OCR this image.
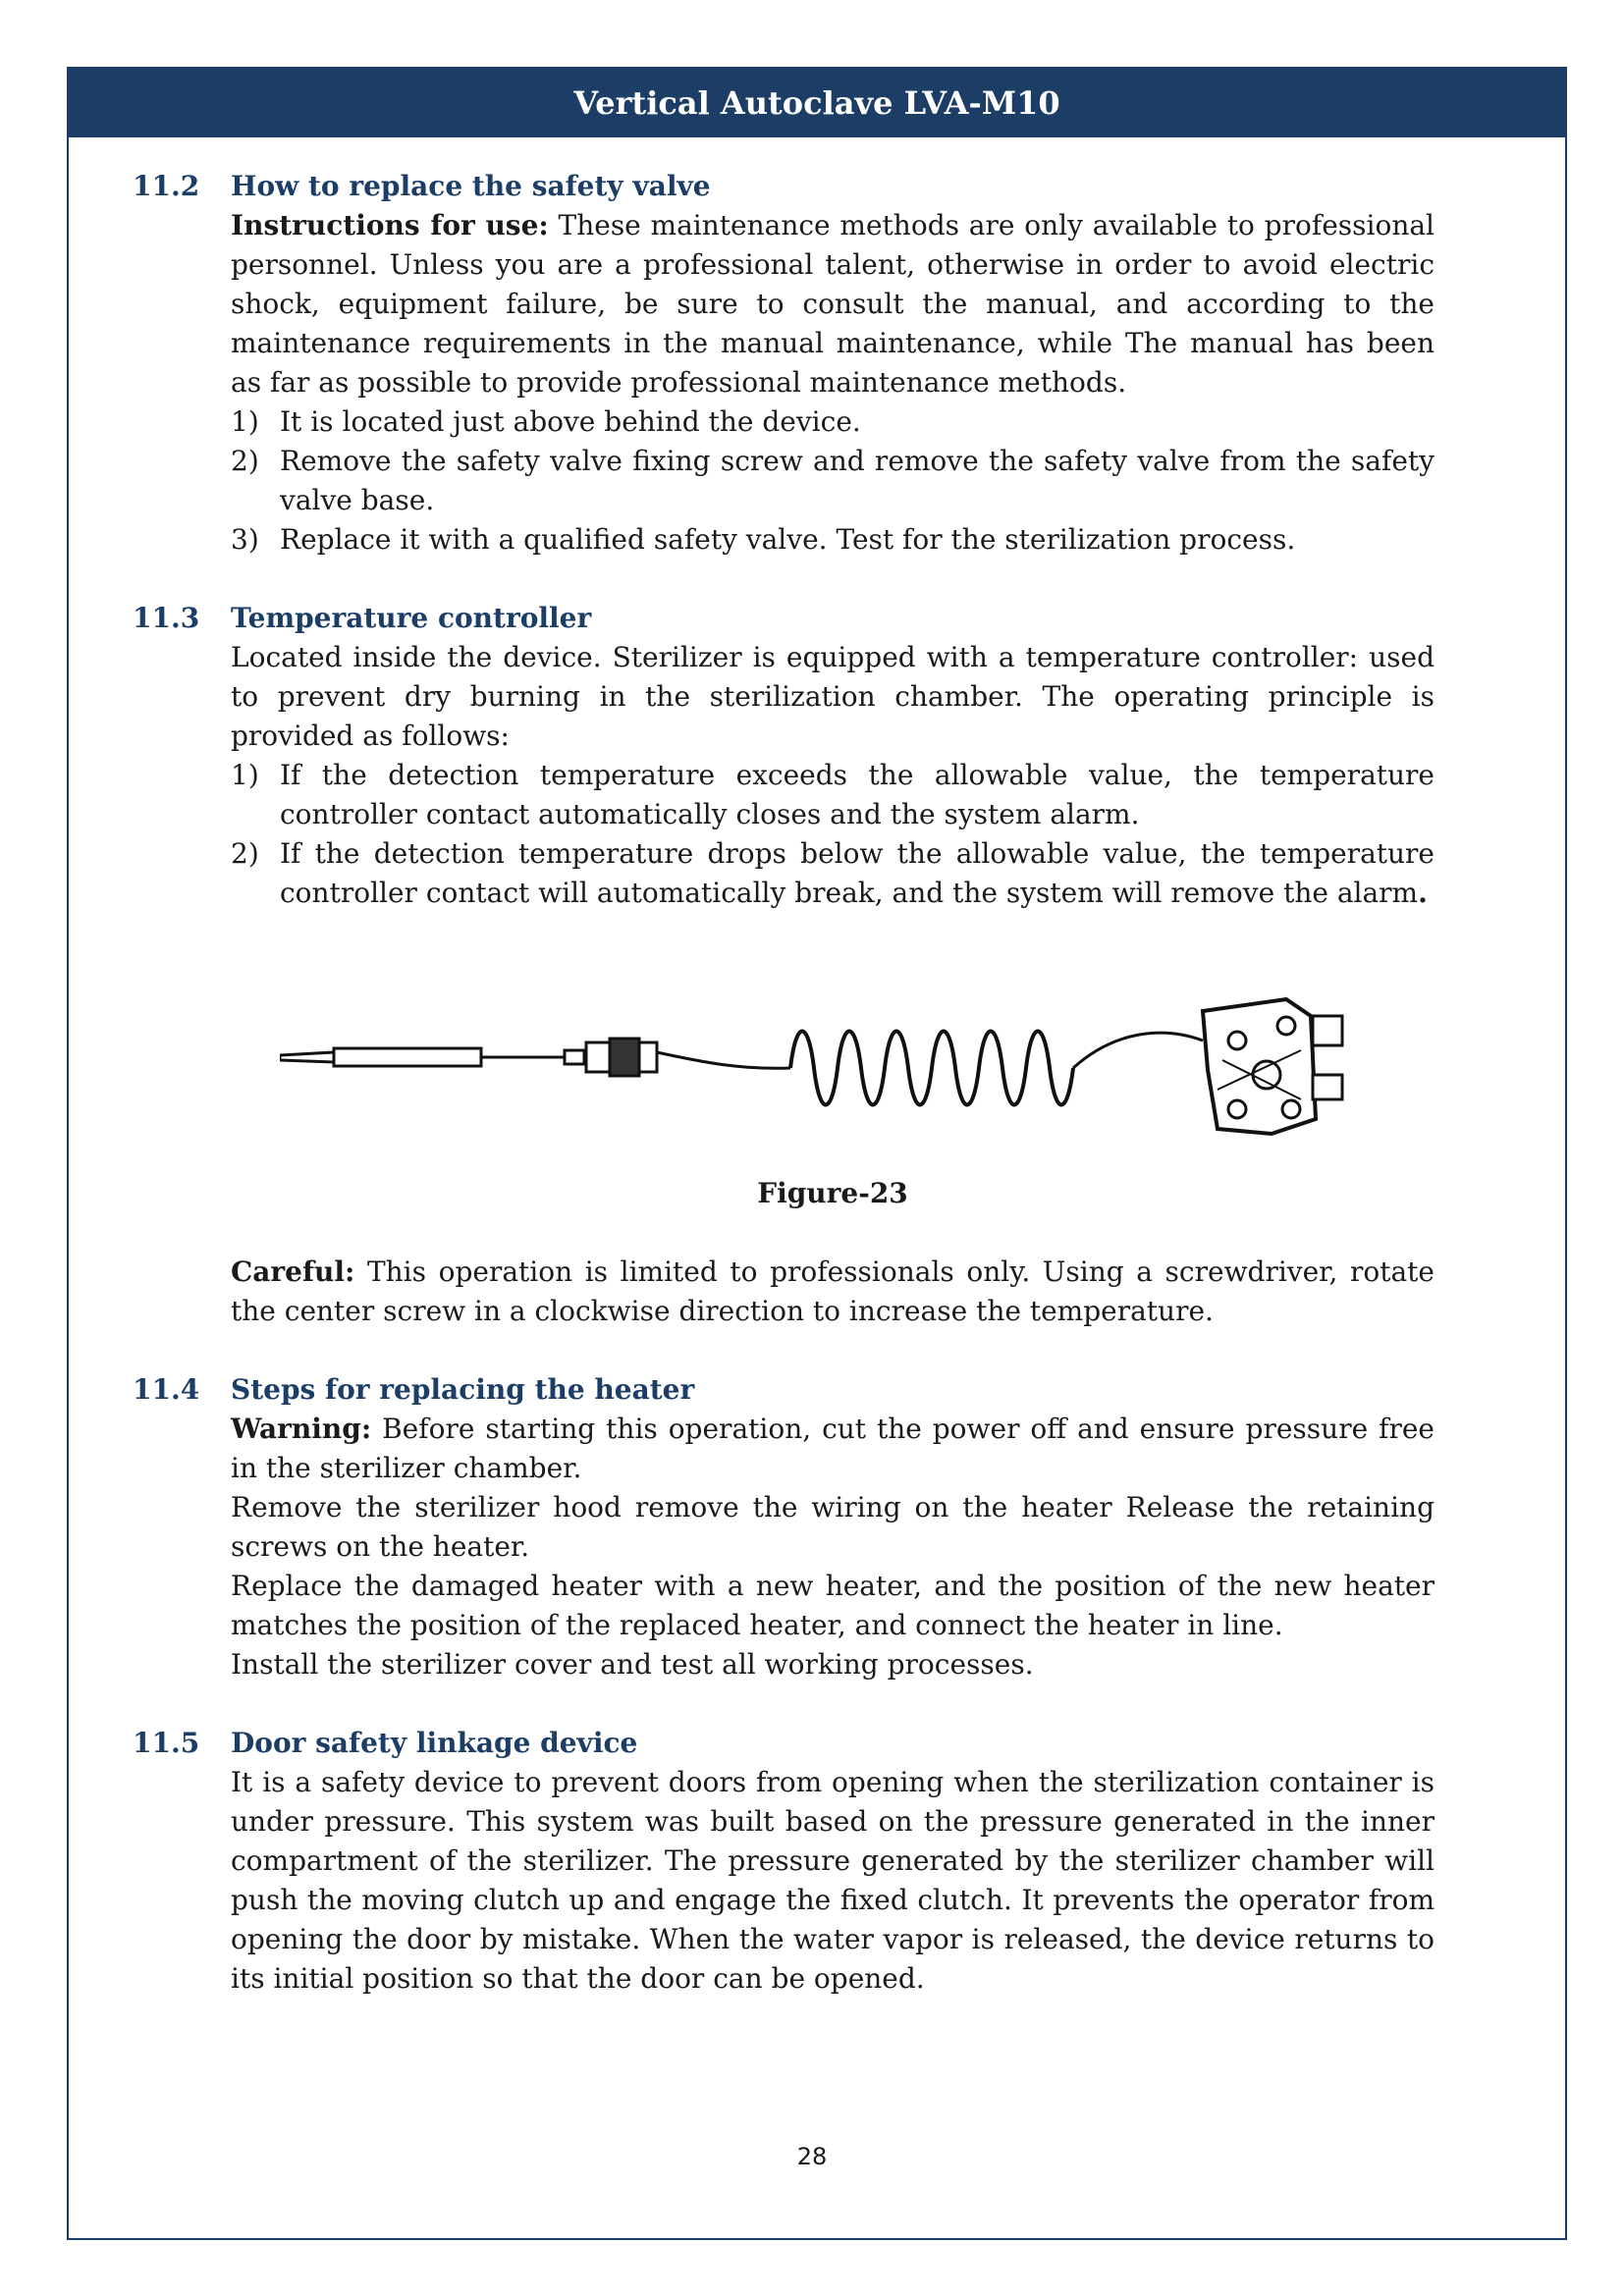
Vertical Autoclave LVA-M10
11.2	How to replace the safety valve

Instructions for use: These maintenance methods are only available to professional personnel. Unless you are a professional talent, otherwise in order to avoid electric shock, equipment failure, be sure to consult the manual, and according to the maintenance requirements in the manual maintenance, while The manual has been as far as possible to provide professional maintenance methods.

1) It is located just above behind the device.
2) Remove the safety valve fixing screw and remove the safety valve from the safety valve base.
3) Replace it with a qualified safety valve. Test for the sterilization process.
11.3	Temperature controller

Located inside the device. Sterilizer is equipped with a temperature controller: used to prevent dry burning in the sterilization chamber. The operating principle is provided as follows:

1) If the detection temperature exceeds the allowable value, the temperature controller contact automatically closes and the system alarm.
2) If the detection temperature drops below the allowable value, the temperature controller contact will automatically break, and the system will remove the alarm.
Figure-23

Careful: This operation is limited to professionals only. Using a screwdriver, rotate the center screw in a clockwise direction to increase the temperature.

11.4	Steps for replacing the heater

Warning: Before starting this operation, cut the power off and ensure pressure free in the sterilizer chamber.

Remove the sterilizer hood remove the wiring on the heater Release the retaining screws on the heater.

Replace the damaged heater with a new heater, and the position of the new heater matches the position of the replaced heater, and connect the heater in line.

Install the sterilizer cover and test all working processes.

11.5	Door safety linkage device

It is a safety device to prevent doors from opening when the sterilization container is under pressure. This system was built based on the pressure generated in the inner compartment of the sterilizer. The pressure generated by the sterilizer chamber will push the moving clutch up and engage the fixed clutch. It prevents the operator from opening the door by mistake. When the water vapor is released, the device returns to its initial position so that the door can be opened.

28
